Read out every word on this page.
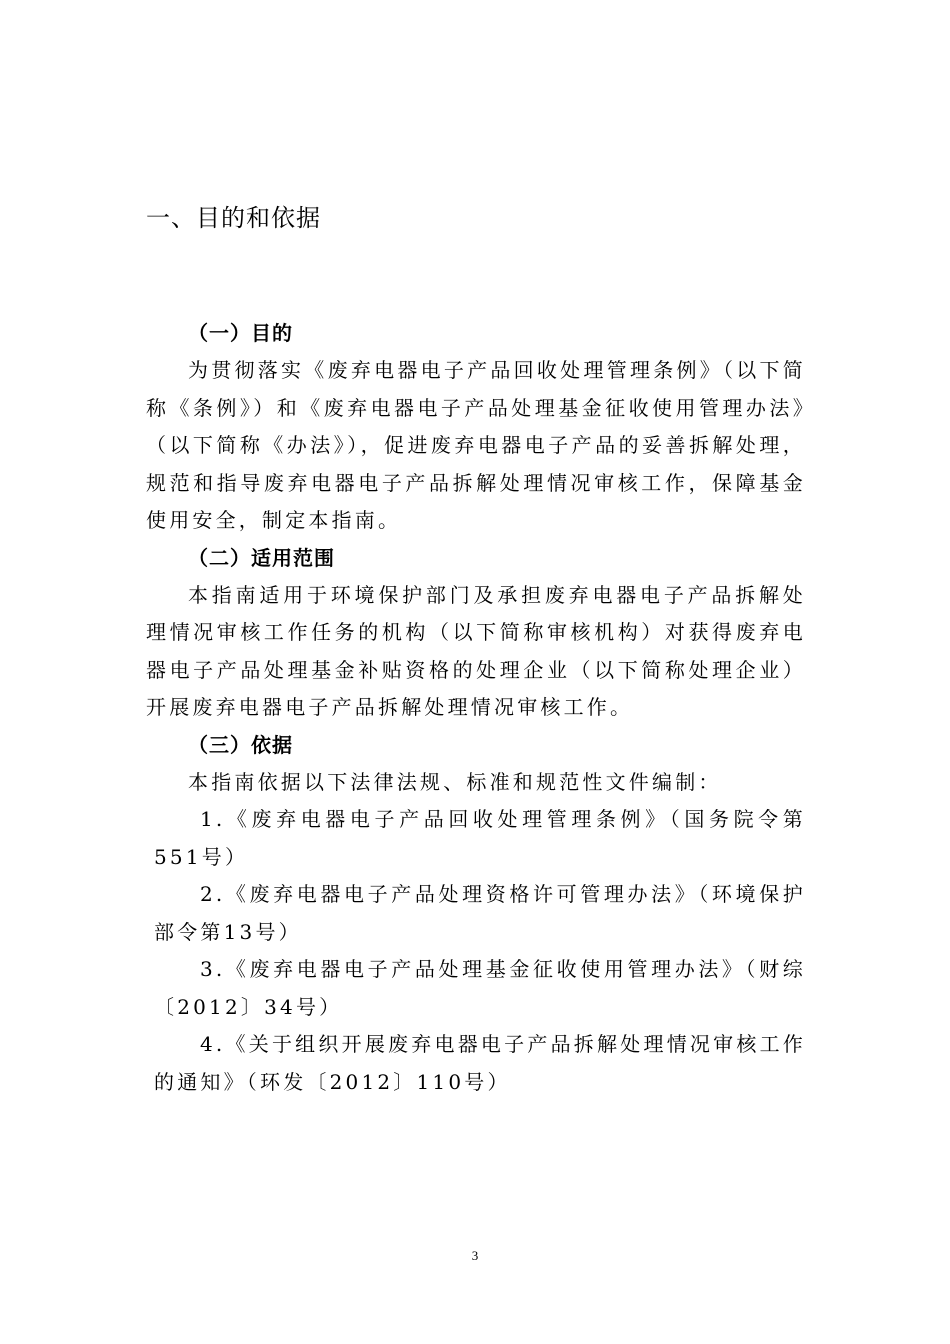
一、目的和依据
（一）目的

为贯彻落实《废弃电器电子产品回收处理管理条例》（以下简称《条例》）和《废弃电器电子产品处理基金征收使用管理办法》（以下简称《办法》），促进废弃电器电子产品的妥善拆解处理，规范和指导废弃电器电子产品拆解处理情况审核工作，保障基金使用安全，制定本指南。

（二）适用范围

本指南适用于环境保护部门及承担废弃电器电子产品拆解处理情况审核工作任务的机构（以下简称审核机构）对获得废弃电器电子产品处理基金补贴资格的处理企业（以下简称处理企业）开展废弃电器电子产品拆解处理情况审核工作。

（三）依据

本指南依据以下法律法规、标准和规范性文件编制：

1.《废弃电器电子产品回收处理管理条例》（国务院令第551号）

2.《废弃电器电子产品处理资格许可管理办法》（环境保护部令第13号）

3.《废弃电器电子产品处理基金征收使用管理办法》（财综〔2012〕34号）

4.《关于组织开展废弃电器电子产品拆解处理情况审核工作的通知》（环发〔2012〕110号）

3
